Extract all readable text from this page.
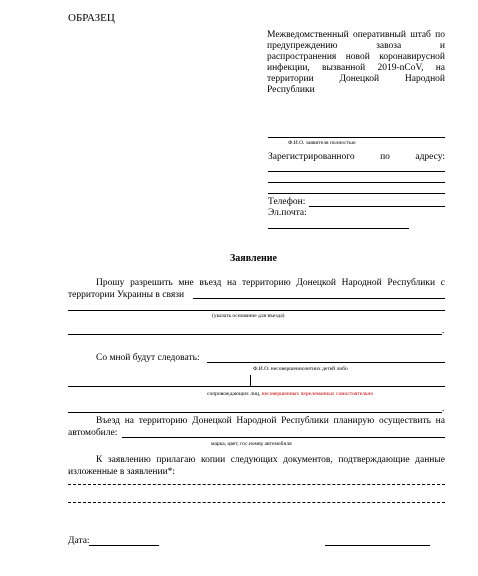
ОБРАЗЕЦ
Межведомственный оперативный штаб по
предупреждению завоза и
распространения новой коронавирусной
инфекции, вызванной 2019-nCoV, на
территории Донецкой Народной
Республики
Ф.И.О. заявителя полностью
Зарегистрированного по адресу:
Телефон:
Эл.почта:
Заявление
Прошу разрешить мне въезд на территорию Донецкой Народной Республики с
территории Украины в связи
(указать основание для въезда)
.
Со мной будут следовать:
Ф.И.О. несовершеннолетних детей либо
сопровождающих лиц, несовершенных переломанных самостоятельно
.
Въезд на территорию Донецкой Народной Республики планирую осуществить на
автомобиле:
марка, цвет, гос.номер автомобиля
К заявлению прилагаю копии следующих документов, подтверждающие данные
изложенные в заявлении*:
Дата:
